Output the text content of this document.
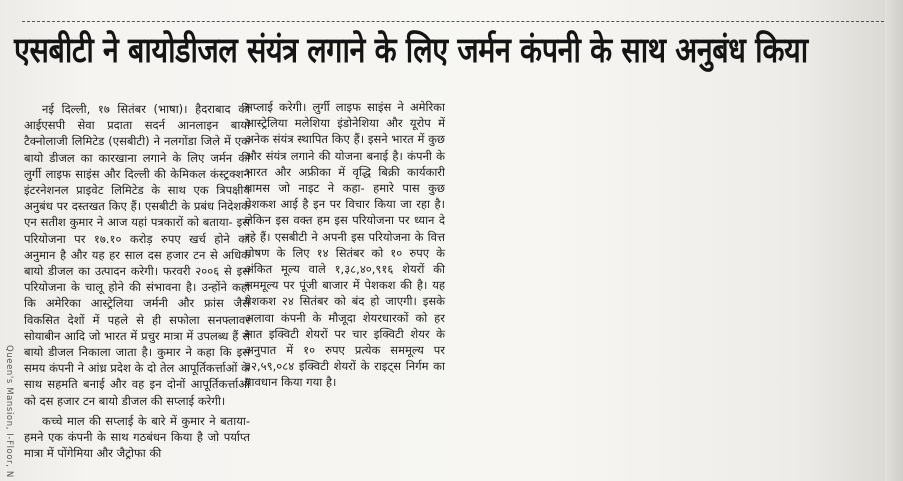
एसबीटी ने बायोडीजल संयंत्र लगाने के लिए जर्मन कंपनी के साथ अनुबंध किया

नई दिल्ली, १७ सितंबर (भाषा)। हैदराबाद की आईएसपी सेवा प्रदाता सदर्न आनलाइन बायो टैक्नोलाजी लिमिटेड (एसबीटी) ने नलगोंडा जिले में एक बायो डीजल का कारखाना लगाने के लिए जर्मन की लुर्गी लाइफ साइंस और दिल्ली की केमिकल कंस्ट्रक्शन इंटरनेशनल प्राइवेट लिमिटेड के साथ एक त्रिपक्षीय अनुबंध पर दस्तखत किए हैं। एसबीटी के प्रबंध निदेशक एन सतीश कुमार ने आज यहां पत्रकारों को बताया- इस परियोजना पर १७.१० करोड़ रुपए खर्च होने का अनुमान है और यह हर साल दस हजार टन से अधिक बायो डीजल का उत्पादन करेगी। फरवरी २००६ से इस परियोजना के चालू होने की संभावना है। उन्होंने कहा कि अमेरिका आस्ट्रेलिया जर्मनी और फ्रांस जैसे विकसित देशों में पहले से ही सफोला सनफ्लावर सोयाबीन आदि जो भारत में प्रचुर मात्रा में उपलब्ध हैं से बायो डीजल निकाला जाता है। कुमार ने कहा कि इस समय कंपनी ने आंध्र प्रदेश के दो तेल आपूर्तिकर्त्ताओं के साथ सहमति बनाई और वह इन दोनों आपूर्तिकर्त्ताओं को दस हजार टन बायो डीजल की सप्लाई करेगी।

कच्चे माल की सप्लाई के बारे में कुमार ने बताया- हमने एक कंपनी के साथ गठबंधन किया है जो पर्याप्त मात्रा में पोंगेमिया और जैट्रोफा की

सप्लाई करेगी। लुर्गी लाइफ साइंस ने अमेरिका आस्ट्रेलिया मलेशिया इंडोनेशिया और यूरोप में अनेक संयंत्र स्थापित किए हैं। इसने भारत में कुछ और संयंत्र लगाने की योजना बनाई है। कंपनी के भारत और अफ्रीका में वृद्धि बिक्री कार्यकारी थामस जो नाइट ने कहा- हमारे पास कुछ पेशकश आई है इन पर विचार किया जा रहा है। लेकिन इस वक्त हम इस परियोजना पर ध्यान दे रहे हैं। एसबीटी ने अपनी इस परियोजना के वित्त पोषण के लिए १४ सितंबर को १० रुपए के अंकित मूल्य वाले १,३८,४०,९१६ शेयरों की सममूल्य पर पूंजी बाजार में पेशकश की है। यह पेशकश २४ सितंबर को बंद हो जाएगी। इसके अलावा कंपनी के मौजूदा शेयरधारकों को हर सात इक्विटी शेयरों पर चार इक्विटी शेयर के अनुपात में १० रुपए प्रत्येक सममूल्य पर ३२,५९,०८४ इक्विटी शेयरों के राइट्स निर्गम का प्रावधान किया गया है।

Queen's Mansion, I-Floor, N
